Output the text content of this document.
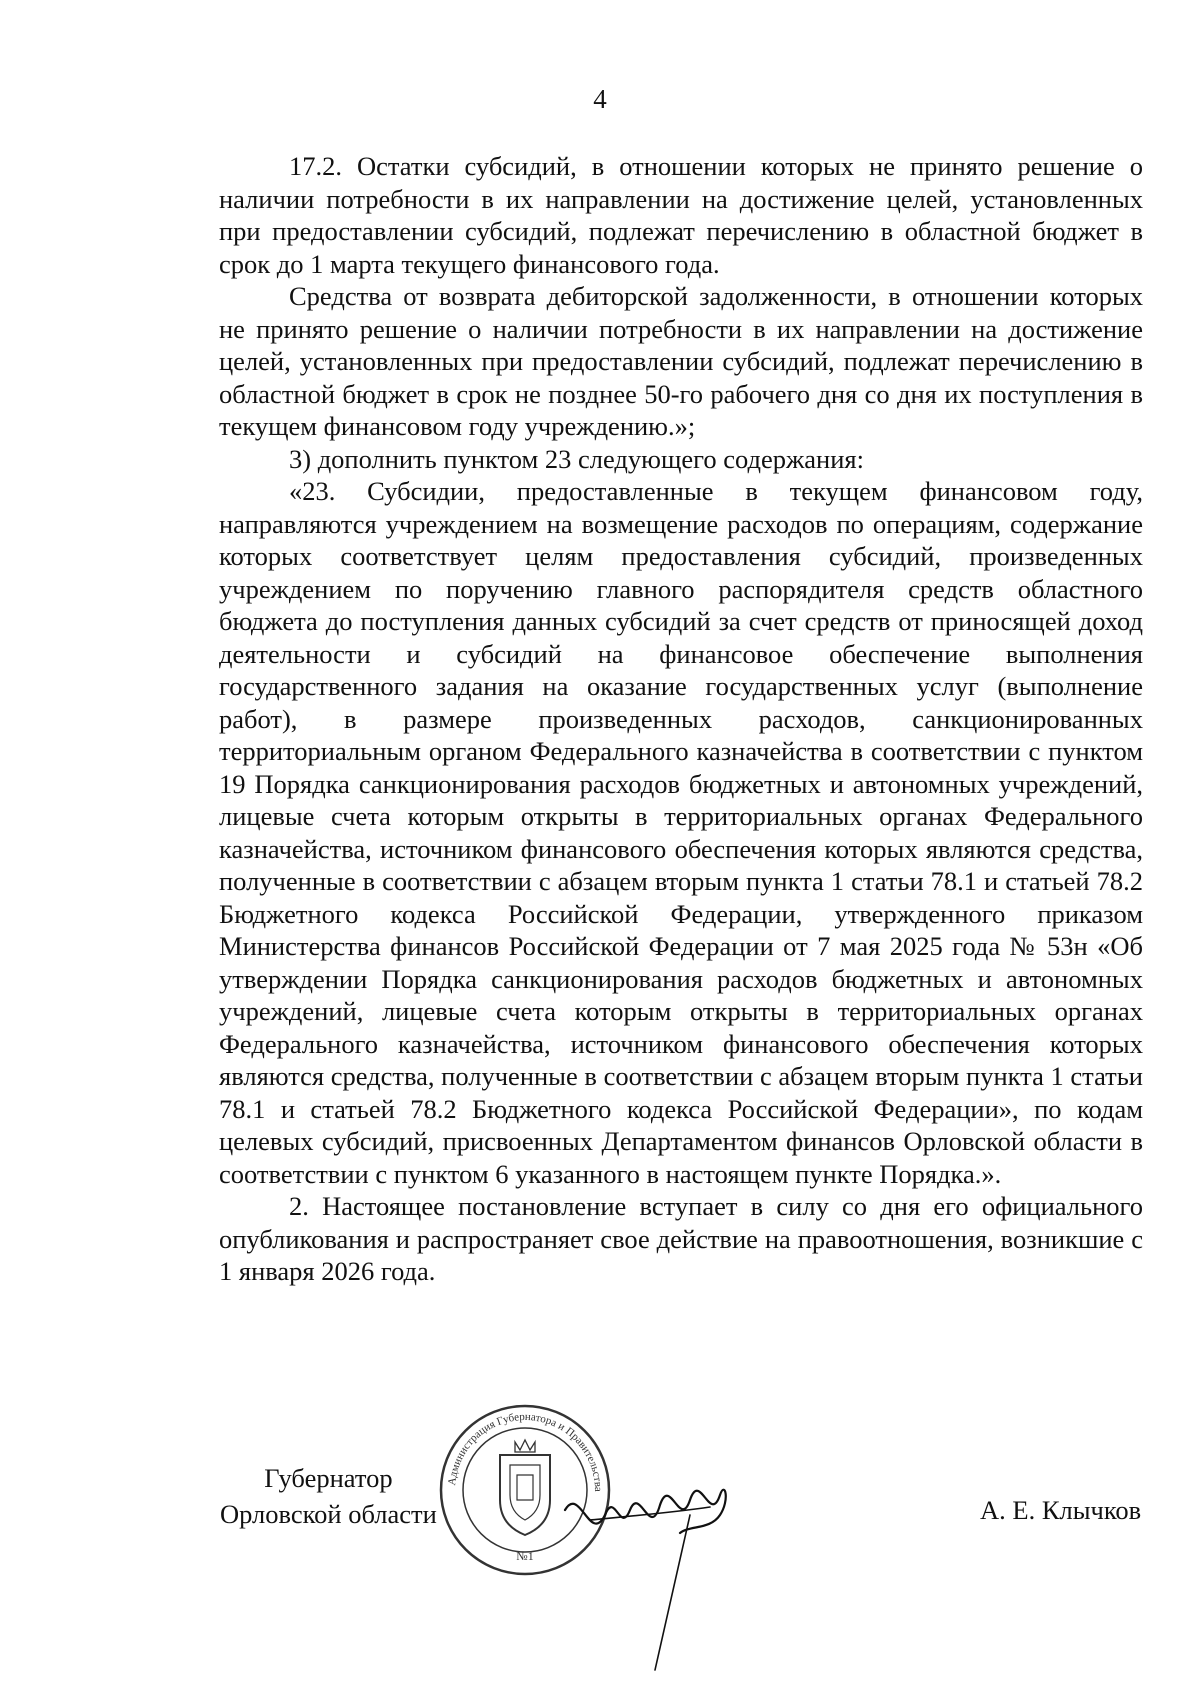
4

17.2. Остатки субсидий, в отношении которых не принято решение о наличии потребности в их направлении на достижение целей, установленных при предоставлении субсидий, подлежат перечислению в областной бюджет в срок до 1 марта текущего финансового года.

Средства от возврата дебиторской задолженности, в отношении которых не принято решение о наличии потребности в их направлении на достижение целей, установленных при предоставлении субсидий, подлежат перечислению в областной бюджет в срок не позднее 50-го рабочего дня со дня их поступления в текущем финансовом году учреждению.»;

3) дополнить пунктом 23 следующего содержания:

«23. Субсидии, предоставленные в текущем финансовом году, направляются учреждением на возмещение расходов по операциям, содержание которых соответствует целям предоставления субсидий, произведенных учреждением по поручению главного распорядителя средств областного бюджета до поступления данных субсидий за счет средств от приносящей доход деятельности и субсидий на финансовое обеспечение выполнения государственного задания на оказание государственных услуг (выполнение работ), в размере произведенных расходов, санкционированных территориальным органом Федерального казначейства в соответствии с пунктом 19 Порядка санкционирования расходов бюджетных и автономных учреждений, лицевые счета которым открыты в территориальных органах Федерального казначейства, источником финансового обеспечения которых являются средства, полученные в соответствии с абзацем вторым пункта 1 статьи 78.1 и статьей 78.2 Бюджетного кодекса Российской Федерации, утвержденного приказом Министерства финансов Российской Федерации от 7 мая 2025 года № 53н «Об утверждении Порядка санкционирования расходов бюджетных и автономных учреждений, лицевые счета которым открыты в территориальных органах Федерального казначейства, источником финансового обеспечения которых являются средства, полученные в соответствии с абзацем вторым пункта 1 статьи 78.1 и статьей 78.2 Бюджетного кодекса Российской Федерации», по кодам целевых субсидий, присвоенных Департаментом финансов Орловской области в соответствии с пунктом 6 указанного в настоящем пункте Порядка.».

2. Настоящее постановление вступает в силу со дня его официального опубликования и распространяет свое действие на правоотношения, возникшие с 1 января 2026 года.

Губернатор
Орловской области
Администрация Губернатора и Правительства
№1
А. Е. Клычков
